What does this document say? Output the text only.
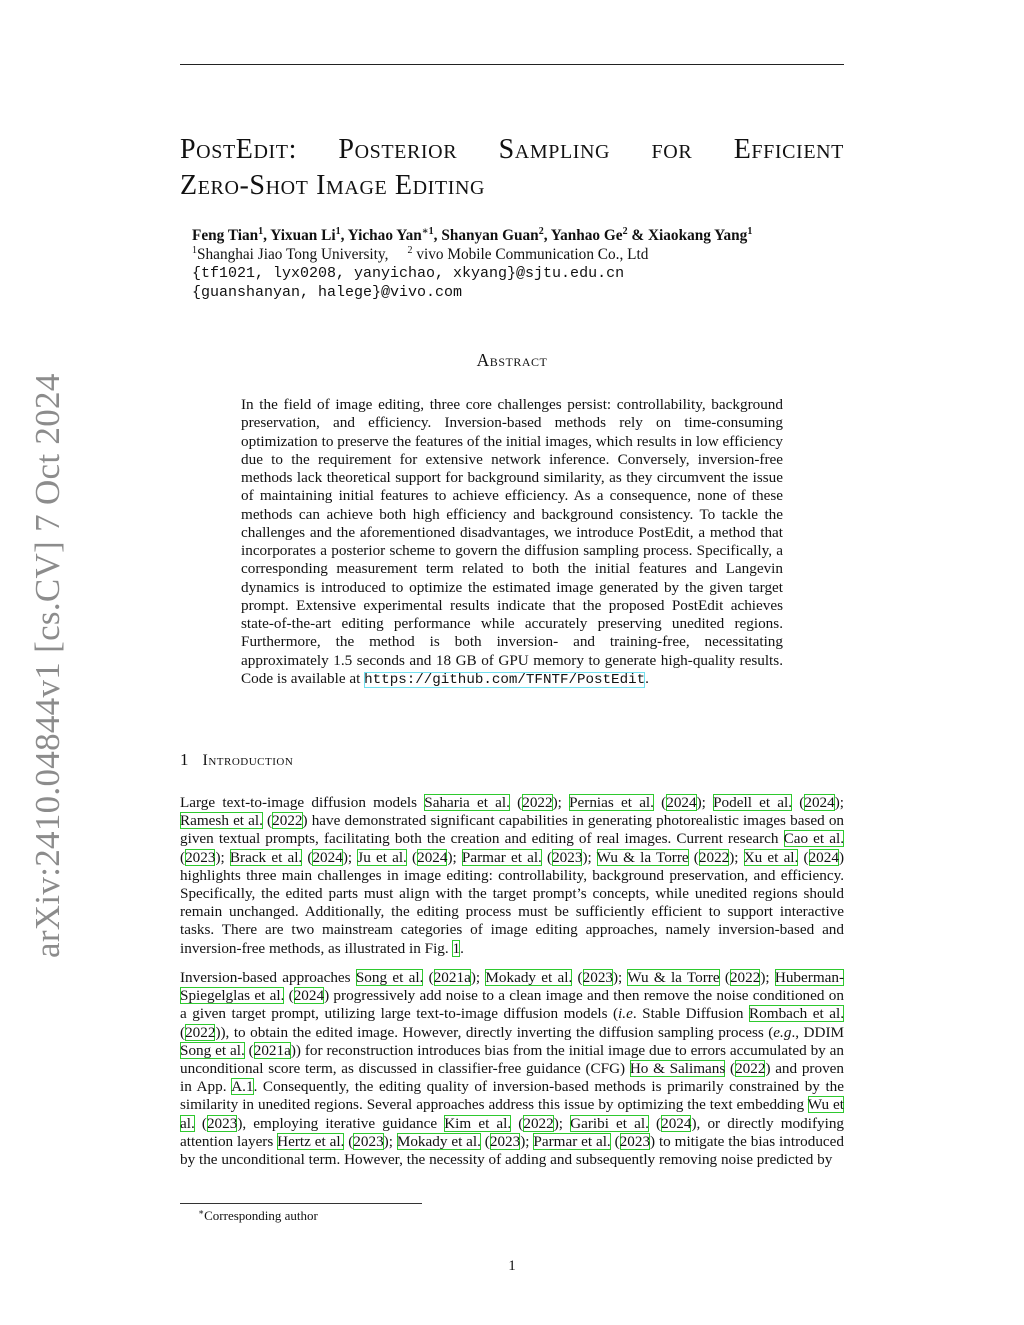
arXiv:2410.04844v1 [cs.CV] 7 Oct 2024
PostEdit: Posterior Sampling for Efficient
Zero-Shot Image Editing
Feng Tian$^1$, Yixuan Li$^1$, Yichao Yan$^{∗1}$, Shanyan Guan$^2$, Yanhao Ge$^2$ & Xiaokang Yang$^1$
$^1$Shanghai Jiao Tong University, $^2$ vivo Mobile Communication Co., Ltd
{tf1021, lyx0208, yanyichao, xkyang}@sjtu.edu.cn
{guanshanyan, halege}@vivo.com
Abstract
In the field of image editing, three core challenges persist: controllability, background preservation, and efficiency. Inversion-based methods rely on time-consuming optimization to preserve the features of the initial images, which results in low efficiency due to the requirement for extensive network inference. Conversely, inversion-free methods lack theoretical support for background similarity, as they circumvent the issue of maintaining initial features to achieve efficiency. As a consequence, none of these methods can achieve both high efficiency and background consistency. To tackle the challenges and the aforementioned disadvantages, we introduce PostEdit, a method that incorporates a posterior scheme to govern the diffusion sampling process. Specifically, a corresponding measurement term related to both the initial features and Langevin dynamics is introduced to optimize the estimated image generated by the given target prompt. Extensive experimental results indicate that the proposed PostEdit achieves state-of-the-art editing performance while accurately preserving unedited regions. Furthermore, the method is both inversion- and training-free, necessitating approximately 1.5 seconds and 18 GB of GPU memory to generate high-quality results. Code is available at https://github.com/TFNTF/PostEdit.
1 Introduction

Large text-to-image diffusion models Saharia et al. (2022); Pernias et al. (2024); Podell et al. (2024); Ramesh et al. (2022) have demonstrated significant capabilities in generating photorealistic images based on given textual prompts, facilitating both the creation and editing of real images. Current research Cao et al. (2023); Brack et al. (2024); Ju et al. (2024); Parmar et al. (2023); Wu & la Torre (2022); Xu et al. (2024) highlights three main challenges in image editing: controllability, background preservation, and efficiency. Specifically, the edited parts must align with the target prompt’s concepts, while unedited regions should remain unchanged. Additionally, the editing process must be sufficiently efficient to support interactive tasks. There are two mainstream categories of image editing approaches, namely inversion-based and inversion-free methods, as illustrated in Fig. 1.

Inversion-based approaches Song et al. (2021a); Mokady et al. (2023); Wu & la Torre (2022); Huberman-Spiegelglas et al. (2024) progressively add noise to a clean image and then remove the noise conditioned on a given target prompt, utilizing large text-to-image diffusion models (i.e. Stable Diffusion Rombach et al. (2022)), to obtain the edited image. However, directly inverting the diffusion sampling process (e.g., DDIM Song et al. (2021a)) for reconstruction introduces bias from the initial image due to errors accumulated by an unconditional score term, as discussed in classifier-free guidance (CFG) Ho & Salimans (2022) and proven in App. A.1. Consequently, the editing quality of inversion-based methods is primarily constrained by the similarity in unedited regions. Several approaches address this issue by optimizing the text embedding Wu et al. (2023), employing iterative guidance Kim et al. (2022); Garibi et al. (2024), or directly modifying attention layers Hertz et al. (2023); Mokady et al. (2023); Parmar et al. (2023) to mitigate the bias introduced by the unconditional term. However, the necessity of adding and subsequently removing noise predicted by

∗Corresponding author
1
